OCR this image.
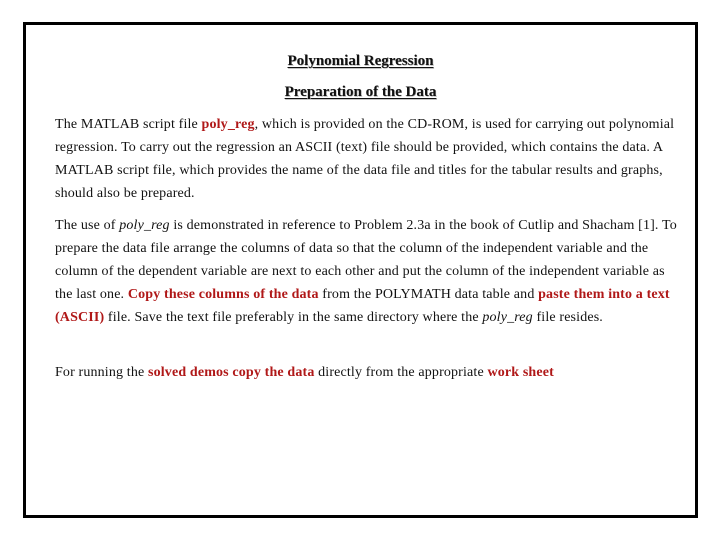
Polynomial Regression
Preparation of the Data

The MATLAB script file poly_reg, which is provided on the CD-ROM, is used for carrying out polynomial regression. To carry out the regression an ASCII (text) file should be provided, which contains the data. A MATLAB script file, which provides the name of the data file and titles for the tabular results and graphs, should also be prepared.

The use of poly_reg is demonstrated in reference to Problem 2.3a in the book of Cutlip and Shacham [1]. To prepare the data file arrange the columns of data so that the column of the independent variable and the column of the dependent variable are next to each other and put the column of the independent variable as the last one. Copy these columns of the data from the POLYMATH data table and paste them into a text (ASCII) file. Save the text file preferably in the same directory where the poly_reg file resides.

For running the solved demos copy the data directly from the appropriate work sheet
